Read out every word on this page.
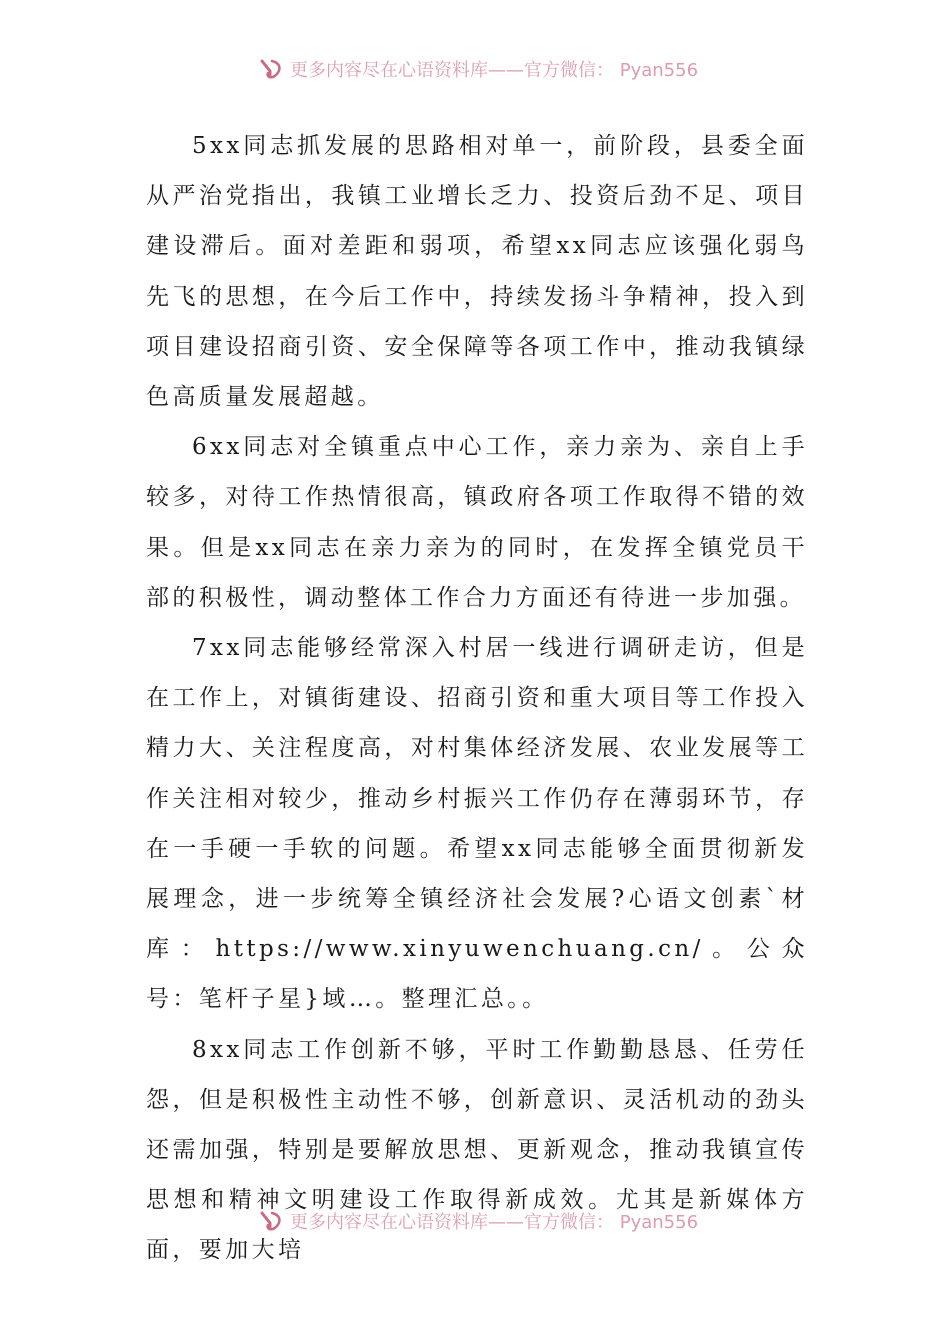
更多内容尽在心语资料库——官方微信： Pyan556

5xx同志抓发展的思路相对单一，前阶段，县委全面从严治党指出，我镇工业增长乏力、投资后劲不足、项目建设滞后。面对差距和弱项，希望xx同志应该强化弱鸟先飞的思想，在今后工作中，持续发扬斗争精神，投入到项目建设招商引资、安全保障等各项工作中，推动我镇绿色高质量发展超越。

6xx同志对全镇重点中心工作，亲力亲为、亲自上手较多，对待工作热情很高，镇政府各项工作取得不错的效果。但是xx同志在亲力亲为的同时，在发挥全镇党员干部的积极性，调动整体工作合力方面还有待进一步加强。

7xx同志能够经常深入村居一线进行调研走访，但是在工作上，对镇街建设、招商引资和重大项目等工作投入精力大、关注程度高，对村集体经济发展、农业发展等工作关注相对较少，推动乡村振兴工作仍存在薄弱环节，存在一手硬一手软的问题。希望xx同志能够全面贯彻新发展理念，进一步统筹全镇经济社会发展?心语文创素`材库：https://www.xinyuwenchuang.cn/。公众号：笔杆子星}域…。整理汇总。。

8xx同志工作创新不够，平时工作勤勤恳恳、任劳任怨，但是积极性主动性不够，创新意识、灵活机动的劲头还需加强，特别是要解放思想、更新观念，推动我镇宣传思想和精神文明建设工作取得新成效。尤其是新媒体方面，要加大培

更多内容尽在心语资料库——官方微信： Pyan556
